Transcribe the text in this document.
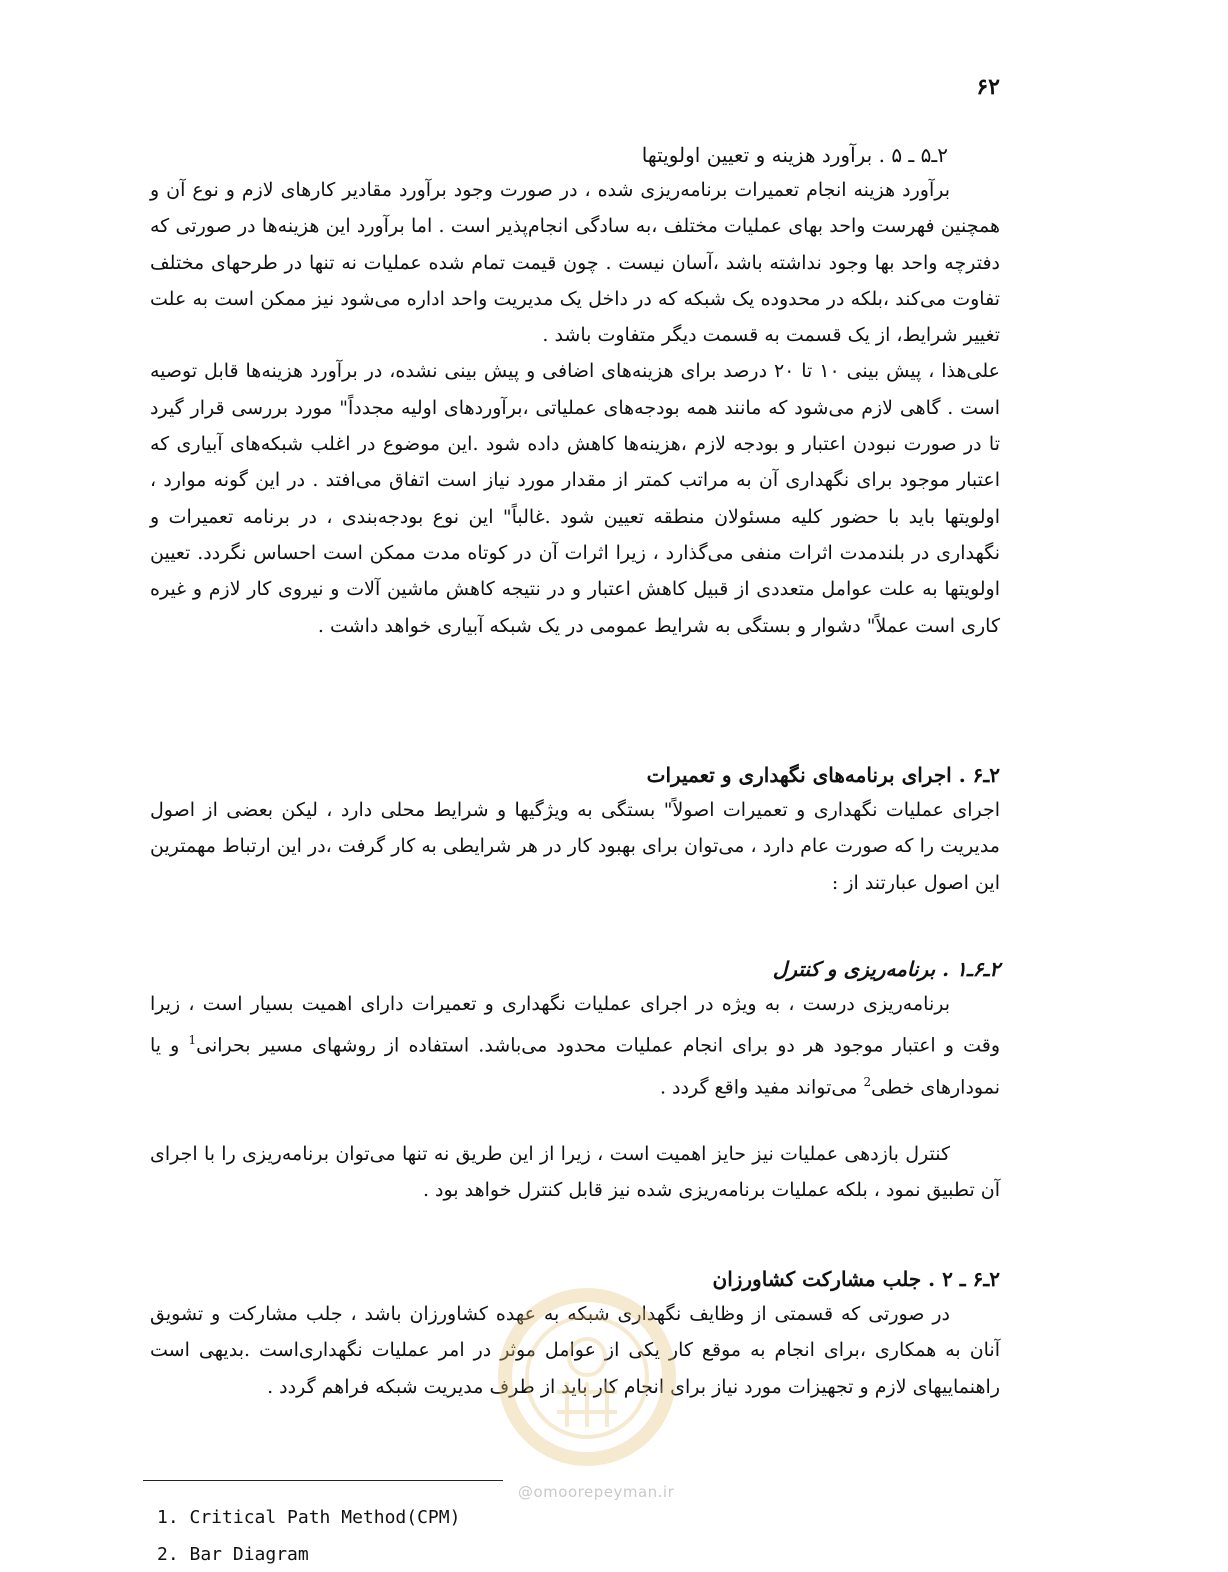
۶۲

۲ـ۵ ـ ۵ . برآورد هزینه و تعیین اولویتها

برآورد هزینه انجام تعمیرات برنامه‌ریزی شده ، در صورت وجود برآورد مقادیر کارهای لازم و نوع آن و همچنین فهرست واحد بهای عملیات مختلف ،به سادگی انجام‌پذیر است . اما برآورد این هزینه‌ها در صورتی که دفترچه واحد بها وجود نداشته باشد ،آسان نیست . چون قیمت تمام شده عملیات نه تنها در طرحهای مختلف تفاوت می‌کند ،بلکه در محدوده یک شبکه که در داخل یک مدیریت واحد اداره می‌شود نیز ممکن است به علت تغییر شرایط، از یک قسمت به قسمت دیگر متفاوت باشد .

علی‌هذا ، پیش بینی ۱۰ تا ۲۰ درصد برای هزینه‌های اضافی و پیش بینی نشده، در برآورد هزینه‌ها قابل توصیه است . گاهی لازم می‌شود که مانند همه بودجه‌های عملیاتی ،برآوردهای اولیه مجدداً" مورد بررسی قرار گیرد تا در صورت نبودن اعتبار و بودجه لازم ،هزینه‌ها کاهش داده شود .این موضوع در اغلب شبکه‌های آبیاری که اعتبار موجود برای نگهداری آن به مراتب کمتر از مقدار مورد نیاز است اتفاق می‌افتد . در این گونه موارد ، اولویتها باید با حضور کلیه مسئولان منطقه تعیین شود .غالباً" این نوع بودجه‌بندی ، در برنامه تعمیرات و نگهداری در بلندمدت اثرات منفی می‌گذارد ، زیرا اثرات آن در کوتاه مدت ممکن است احساس نگردد. تعیین اولویتها به علت عوامل متعددی از قبیل کاهش اعتبار و در نتیجه کاهش ماشین آلات و نیروی کار لازم و غیره کاری است عملاً" دشوار و بستگی به شرایط عمومی در یک شبکه آبیاری خواهد داشت .

۲ـ۶ . اجرای برنامه‌های نگهداری و تعمیرات

اجرای عملیات نگهداری و تعمیرات اصولاً" بستگی به ویژگیها و شرایط محلی دارد ، لیکن بعضی از اصول مدیریت را که صورت عام دارد ، می‌توان برای بهبود کار در هر شرایطی به کار گرفت ،در این ارتباط مهمترین این اصول عبارتند از :

۲ـ۶ـ۱ . برنامه‌ریزی و کنترل

برنامه‌ریزی درست ، به ویژه در اجرای عملیات نگهداری و تعمیرات دارای اهمیت بسیار است ، زیرا وقت و اعتبار موجود هر دو برای انجام عملیات محدود می‌باشد. استفاده از روشهای مسیر بحرانی$^1$ و یا نمودارهای خطی$^2$ می‌تواند مفید واقع گردد .

کنترل بازدهی عملیات نیز حایز اهمیت است ، زیرا از این طریق نه تنها می‌توان برنامه‌ریزی را با اجرای آن تطبیق نمود ، بلکه عملیات برنامه‌ریزی شده نیز قابل کنترل خواهد بود .

۲ـ۶ ـ ۲ . جلب مشارکت کشاورزان

در صورتی که قسمتی از وظایف نگهداری شبکه به عهده کشاورزان باشد ، جلب مشارکت و تشویق آنان به همکاری ،برای انجام به موقع کار یکی از عوامل موثر در امر عملیات نگهداری‌است .بدیهی است راهنماییهای لازم و تجهیزات مورد نیاز برای انجام کار باید از طرف مدیریت شبکه فراهم گردد .

@omoorepeyman.ir
1. Critical Path Method(CPM)
2. Bar Diagram
